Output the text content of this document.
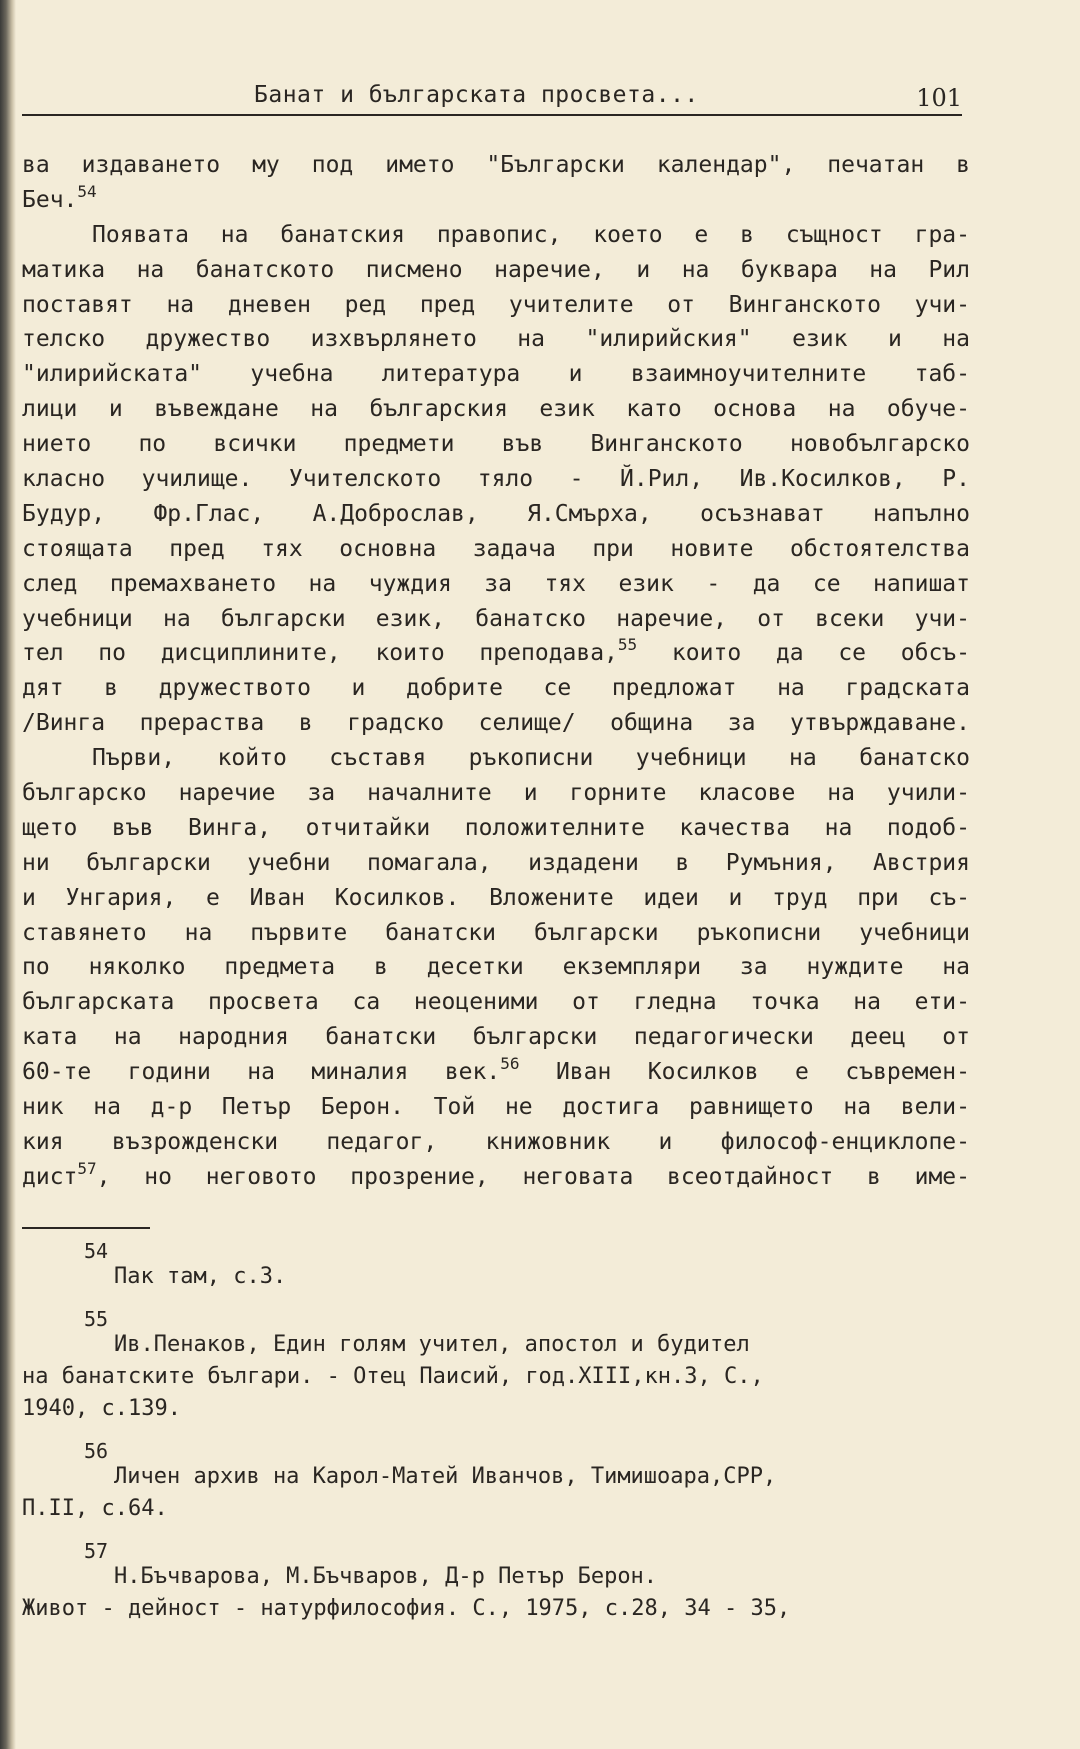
Банат и българската просвета...	101
ва издаването му под името "Български календар", печатан в
Беч.$^{54}$
Появата на банатския правопис, което е в същност гра-
матика на банатското писмено наречие, и на буквара на Рил
поставят на дневен ред пред учителите от Винганското учи-
телско дружество изхвърлянето на "илирийския" език и на
"илирийската" учебна литература и взаимноучителните таб-
лици и въвеждане на българския език като основа на обуче-
нието по всички предмети във Винганското новобългарско
класно училище. Учителското тяло - Й.Рил, Ив.Косилков, Р.
Будур, Фр.Глас, А.Доброслав, Я.Смърха, осъзнават напълно
стоящата пред тях основна задача при новите обстоятелства
след премахването на чуждия за тях език - да се напишат
учебници на български език, банатско наречие, от всеки учи-
тел по дисциплините, които преподава,$^{55}$ които да се обсъ-
дят в дружеството и добрите се предложат на градската
/Винга прераства в градско селище/ община за утвърждаване.
Първи, който съставя ръкописни учебници на банатско
българско наречие за началните и горните класове на учили-
щето във Винга, отчитайки положителните качества на подоб-
ни български учебни помагала, издадени в Румъния, Австрия
и Унгария, е Иван Косилков. Вложените идеи и труд при съ-
ставянето на първите банатски български ръкописни учебници
по няколко предмета в десетки екземпляри за нуждите на
българската просвета са неоценими от гледна точка на ети-
ката на народния банатски български педагогически деец от
60-те години на миналия век.$^{56}$ Иван Косилков е съвремен-
ник на д-р Петър Берон. Той не достига равнището на вели-
кия възрожденски педагог, книжовник и философ-енциклопе-
дист$^{57}$, но неговото прозрение, неговата всеотдайност в име-
54
Пак там, с.3.
55
Ив.Пенаков, Един голям учител, апостол и будител
на банатските българи. - Отец Паисий, год.XIII,кн.3, С.,
1940, с.139.
56
Личен архив на Карол-Матей Иванчов, Тимишоара,СРР,
П.II, с.64.
57
Н.Бъчварова, М.Бъчваров, Д-р Петър Берон.
Живот - дейност - натурфилософия. С., 1975, с.28, 34 - 35,
